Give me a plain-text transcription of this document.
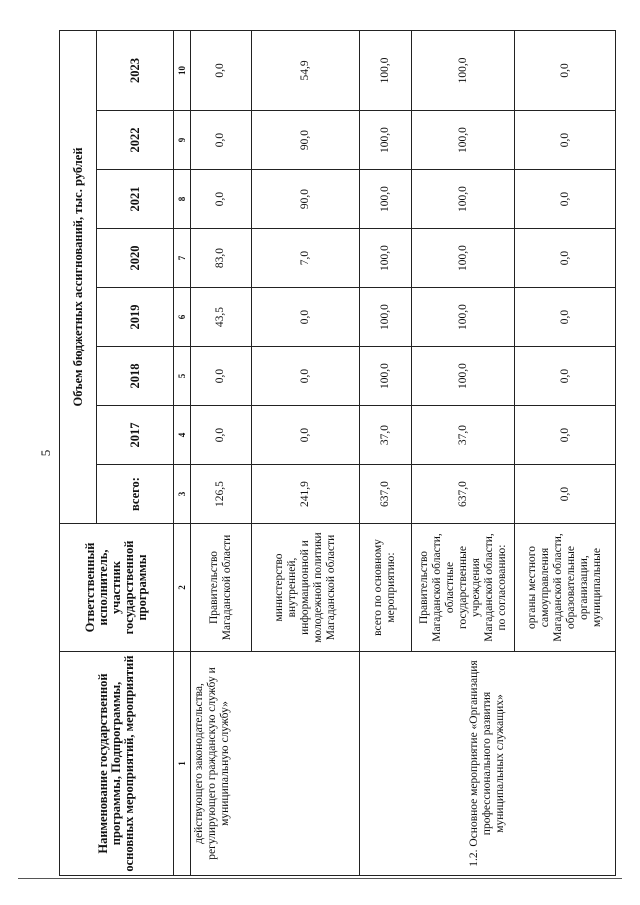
5
Наименование государственной программы, Подпрограммы, основных мероприятий, мероприятий	Ответственный исполнитель, участник государственной программы	Объем бюджетных ассигнований, тыс. рублей							
		всего:	2017	2018	2019	2020	2021	2022	2023
1	2	3	4	5	6	7	8	9	10
действующего законодательства, регулирующего гражданскую службу и муниципальную службу»	Правительство Магаданской области	126,5	0,0	0,0	43,5	83,0	0,0	0,0	0,0
	министерство внутренней, информационной и молодежной политики Магаданской области	241,9	0,0	0,0	0,0	7,0	90,0	90,0	54,9
1.2. Основное мероприятие «Организация профессионального развития муниципальных служащих»	всего по основному мероприятию:	637,0	37,0	100,0	100,0	100,0	100,0	100,0	100,0
	Правительство Магаданской области, областные государственные учреждения Магаданской области, по согласованию:	637,0	37,0	100,0	100,0	100,0	100,0	100,0	100,0
	органы местного самоуправления Магаданской области, образовательные организации, муниципальные	0,0	0,0	0,0	0,0	0,0	0,0	0,0	0,0
